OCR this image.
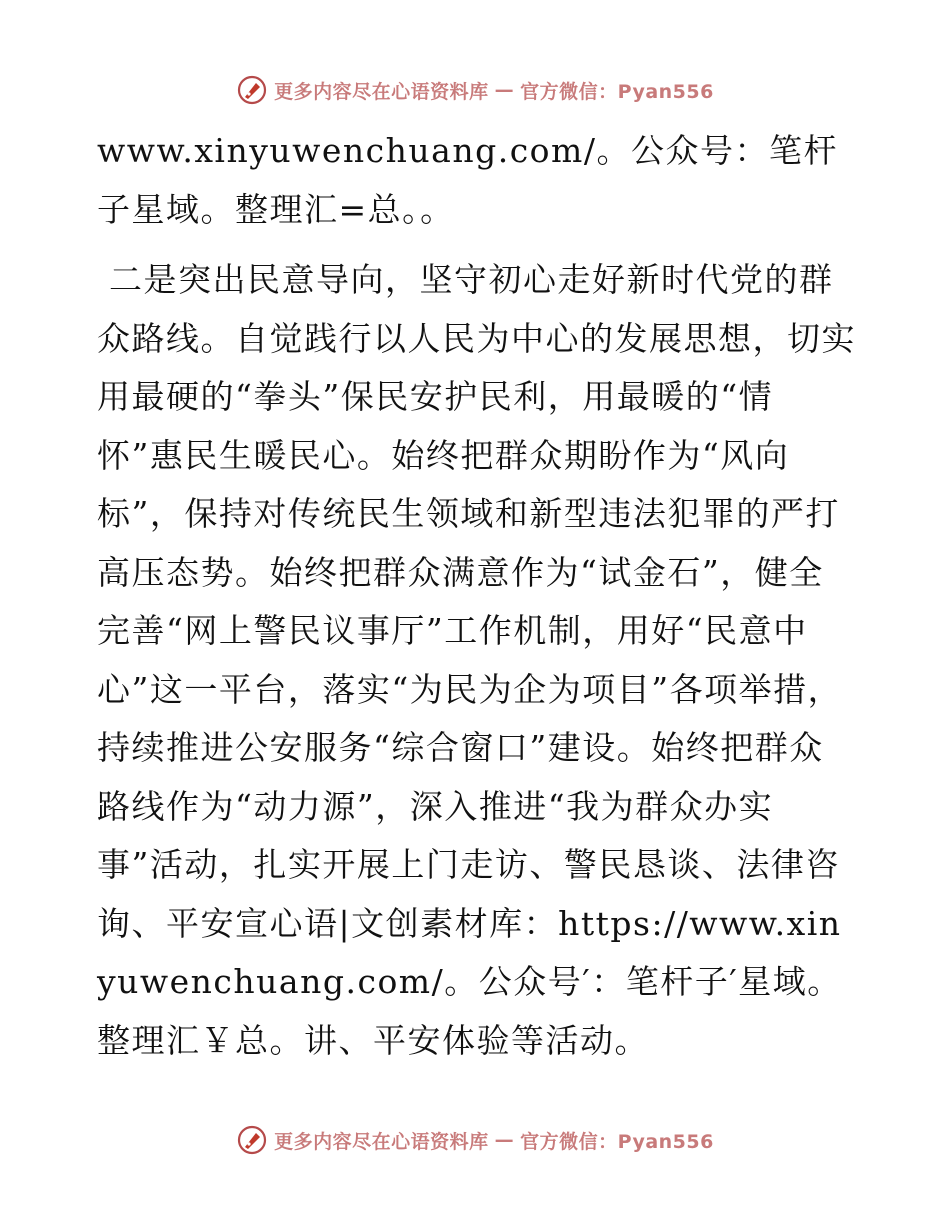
更多内容尽在心语资料库 — 官方微信：Pyan556

www.xinyuwenchuang.com/。公众号：笔杆子星域。整理汇=总。。

二是突出民意导向，坚守初心走好新时代党的群众路线。自觉践行以人民为中心的发展思想，切实用最硬的“拳头”保民安护民利，用最暖的“情怀”惠民生暖民心。始终把群众期盼作为“风向标”，保持对传统民生领域和新型违法犯罪的严打高压态势。始终把群众满意作为“试金石”，健全完善“网上警民议事厅”工作机制，用好“民意中心”这一平台，落实“为民为企为项目”各项举措，持续推进公安服务“综合窗口”建设。始终把群众路线作为“动力源”，深入推进“我为群众办实事”活动，扎实开展上门走访、警民恳谈、法律咨询、平安宣心语|文创素材库：https://www.xinyuwenchuang.com/。公众号′：笔杆子′星域。整理汇￥总。讲、平安体验等活动。

更多内容尽在心语资料库 — 官方微信：Pyan556
